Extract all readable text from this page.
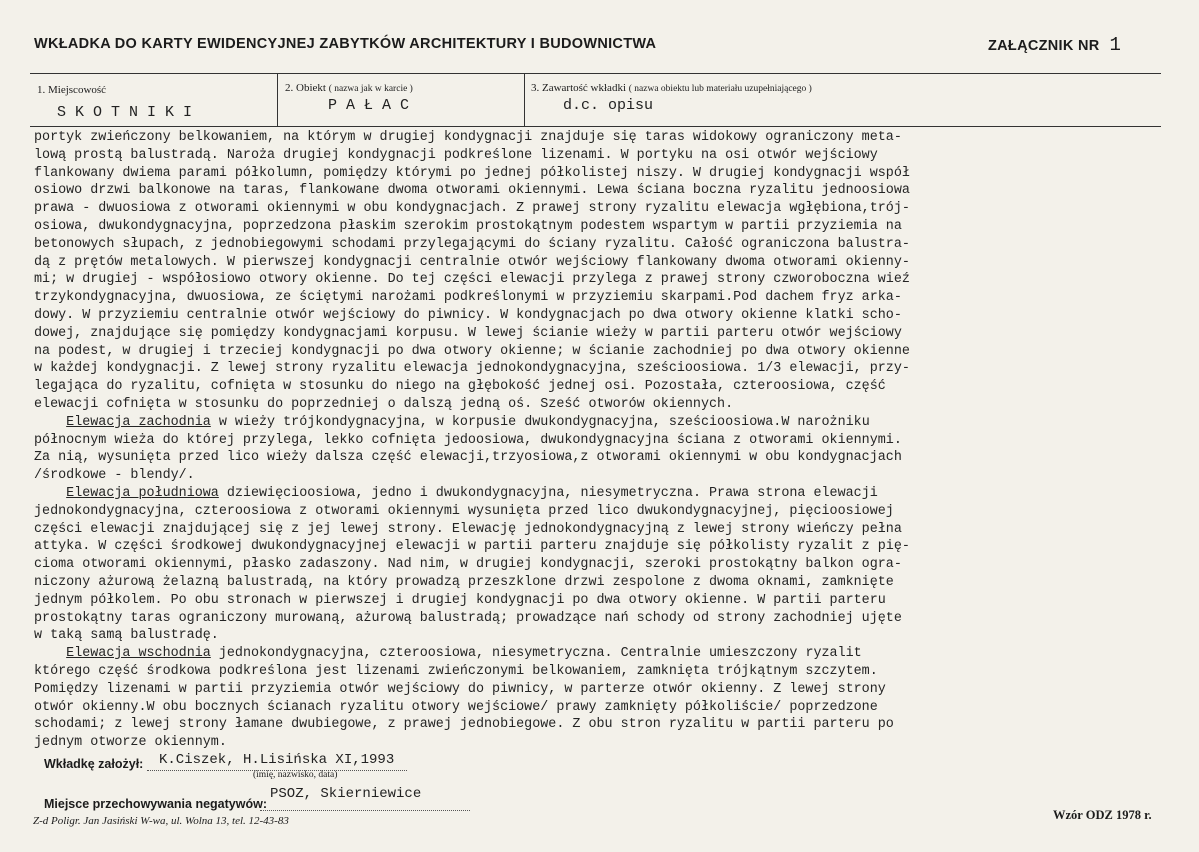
WKŁADKA DO KARTY EWIDENCYJNEJ ZABYTKÓW ARCHITEKTURY I BUDOWNICTWA	ZAŁĄCZNIK NR 1
1. Miejscowość	2. Obiekt ( nazwa jak w karcie )	3. Zawartość wkładki ( nazwa obiektu lub materiału uzupełniającego )
S K O T N I K I	P A Ł A C	d.c. opisu
portyk zwieńczony belkowaniem, na którym w drugiej kondygnacji znajduje się taras widokowy ograniczony meta-
lową prostą balustradą. Narożа drugiej kondygnacji podkreślone lizenami. W portyku na osi otwór wejściowy
flankowany dwiema parami półkolumn, pomiędzy którymi po jednej półkolistej niszy. W drugiej kondygnacji współ
osiowo drzwi balkonowe na taras, flankowane dwoma otworami okiennymi. Lewa ściana boczna ryzalitu jednoosiowa
prawa - dwuosiowa z otworami okiennymi w obu kondygnacjach. Z prawej strony ryzalitu elewacja wgłębiona,trój-
osiowa, dwukondygnacyjna, poprzedzona płaskim szerokim prostokątnym podestem wspartym w partii przyziemia na
betonowych słupach, z jednobiegowymi schodami przylegającymi do ściany ryzalitu. Całość ograniczona balustra-
dą z prętów metalowych. W pierwszej kondygnacji centralnie otwór wejściowy flankowany dwoma otworami okienny-
mi; w drugiej - współosiowo otwory okienne. Do tej części elewacji przylega z prawej strony czworoboczna wieź
trzykondygnacyjna, dwuosiowa, ze ściętymi narożami podkreślonymi w przyziemiu skarpami.Pod dachem fryz arka-
dowy. W przyziemiu centralnie otwór wejściowy do piwnicy. W kondygnacjach po dwa otwory okienne klatki scho-
dowej, znajdujące się pomiędzy kondygnacjami korpusu. W lewej ścianie wieży w partii parteru otwór wejściowy
na podest, w drugiej i trzeciej kondygnacji po dwa otwory okienne; w ścianie zachodniej po dwa otwory okienne
w każdej kondygnacji. Z lewej strony ryzalitu elewacja jednokondygnacyjna, sześcioosiowa. 1/3 elewacji, przy-
legająca do ryzalitu, cofnięta w stosunku do niego na głębokość jednej osi. Pozostała, czteroosiowa, część
elewacji cofnięta w stosunku do poprzedniej o dalszą jedną oś. Sześć otworów okiennych.
Elewacja zachodnia w wieży trójkondygnacyjna, w korpusie dwukondygnacyjna, sześcioosiowa.W narożniku
północnym wieża do której przylega, lekko cofnięta jedoosiowa, dwukondygnacyjna ściana z otworami okiennymi.
Za nią, wysunięta przed lico wieży dalsza część elewacji,trzyosiowa,z otworami okiennymi w obu kondygnacjach
/środkowe - blendy/.
Elewacja południowa dziewięcioosiowa, jedno i dwukondygnacyjna, niesymetryczna. Prawa strona elewacji
jednokondygnacyjna, czteroosiowa z otworami okiennymi wysunięta przed lico dwukondygnacyjnej, pięcioosiowej
części elewacji znajdującej się z jej lewej strony. Elewację jednokondygnacyjną z lewej strony wieńczy pełna
attyka. W części środkowej dwukondygnacyjnej elewacji w partii parteru znajduje się półkolisty ryzalit z pię-
cioma otworami okiennymi, płasko zadaszony. Nad nim, w drugiej kondygnacji, szeroki prostokątny balkon ogra-
niczony ażurową żelazną balustradą, na który prowadzą przeszklone drzwi zespolone z dwoma oknami, zamknięte
jednym półkolem. Po obu stronach w pierwszej i drugiej kondygnacji po dwa otwory okienne. W partii parteru
prostokątny taras ograniczony murowaną, ażurową balustradą; prowadzące nań schody od strony zachodniej ujęte
w taką samą balustradę.
Elewacja wschodnia jednokondygnacyjna, czteroosiowa, niesymetryczna. Centralnie umieszczony ryzalit
którego część środkowa podkreślona jest lizenami zwieńczonymi belkowaniem, zamknięta trójkątnym szczytem.
Pomiędzy lizenami w partii przyziemia otwór wejściowy do piwnicy, w parterze otwór okienny. Z lewej strony
otwór okienny.W obu bocznych ścianach ryzalitu otwory wejściowe/ prawy zamknięty półkoliście/ poprzedzone
schodami; z lewej strony łamane dwubiegowe, z prawej jednobiegowe. Z obu stron ryzalitu w partii parteru po
jednym otworze okiennym.
Wkładkę założył: K.Ciszek, H.Lisińska XI,1993
(imię, nazwisko, data)
Miejsce przechowywania negatywów:
PSOZ, Skierniewice
Z-d Poligr. Jan Jasiński W-wa, ul. Wolna 13, tel. 12-43-83	Wzór ODZ 1978 r.
